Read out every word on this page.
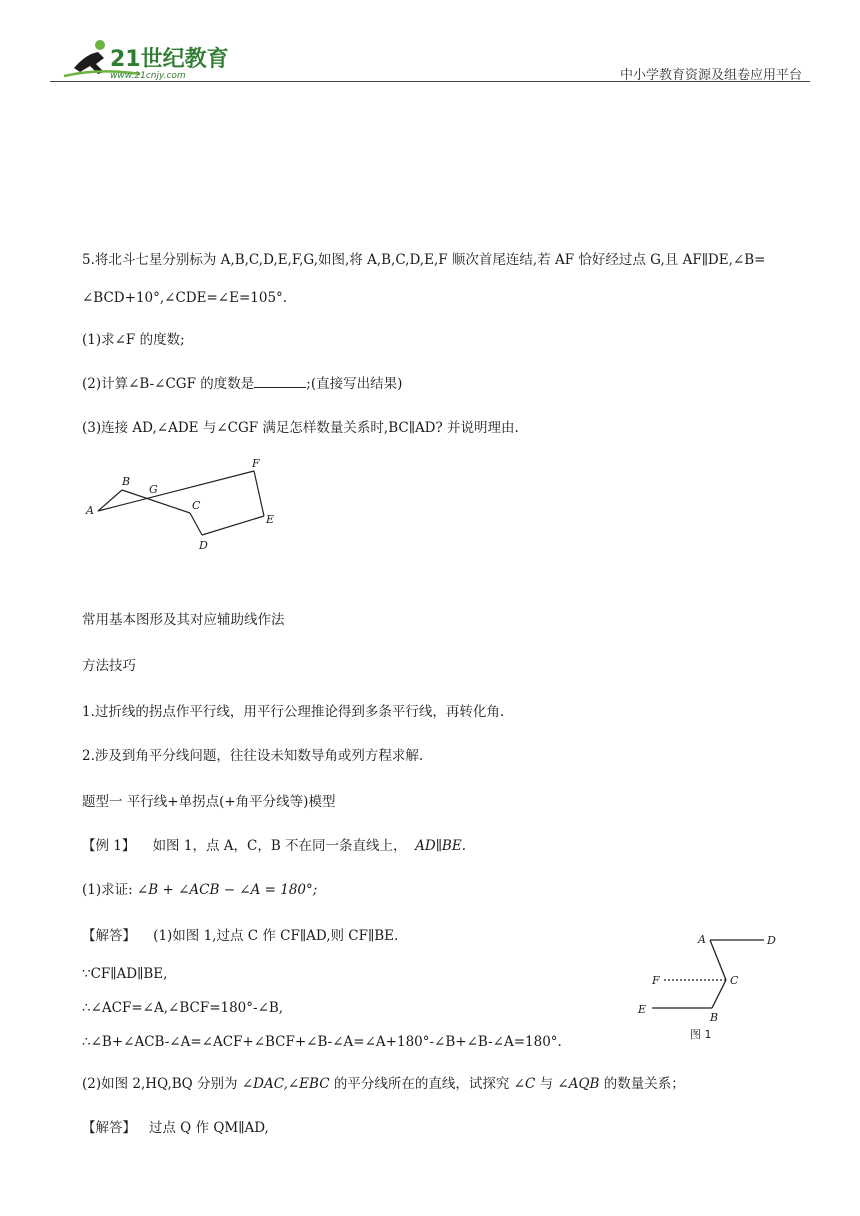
21世纪教育
www.21cnjy.com	中小学教育资源及组卷应用平台
5.将北斗七星分别标为 A,B,C,D,E,F,G,如图,将 A,B,C,D,E,F 顺次首尾连结,若 AF 恰好经过点 G,且 AF∥DE,∠B=
∠BCD+10°,∠CDE=∠E=105°.
(1)求∠F 的度数;
(2)计算∠B-∠CGF 的度数是	;(直接写出结果)
(3)连接 AD,∠ADE 与∠CGF 满足怎样数量关系时,BC∥AD? 并说明理由.
A
B
G
C
F
E
D
常用基本图形及其对应辅助线作法
方法技巧
1.过折线的拐点作平行线，用平行公理推论得到多条平行线，再转化角.
2.涉及到角平分线问题，往往设未知数导角或列方程求解.
题型一 平行线+单拐点(+角平分线等)模型
【例 1】 如图 1，点 A，C，B 不在同一条直线上， AD∥BE.
(1)求证: ∠B + ∠ACB − ∠A = 180°;
【解答】 (1)如图 1,过点 C 作 CF∥AD,则 CF∥BE.
∵CF∥AD∥BE,
∴∠ACF=∠A,∠BCF=180°-∠B,
∴∠B+∠ACB-∠A=∠ACF+∠BCF+∠B-∠A=∠A+180°-∠B+∠B-∠A=180°.
A	D
F	C
E
B
图 1
(2)如图 2,HQ,BQ 分别为 ∠DAC,∠EBC 的平分线所在的直线，试探究 ∠C 与 ∠AQB 的数量关系；
【解答】 过点 Q 作 QM∥AD,
